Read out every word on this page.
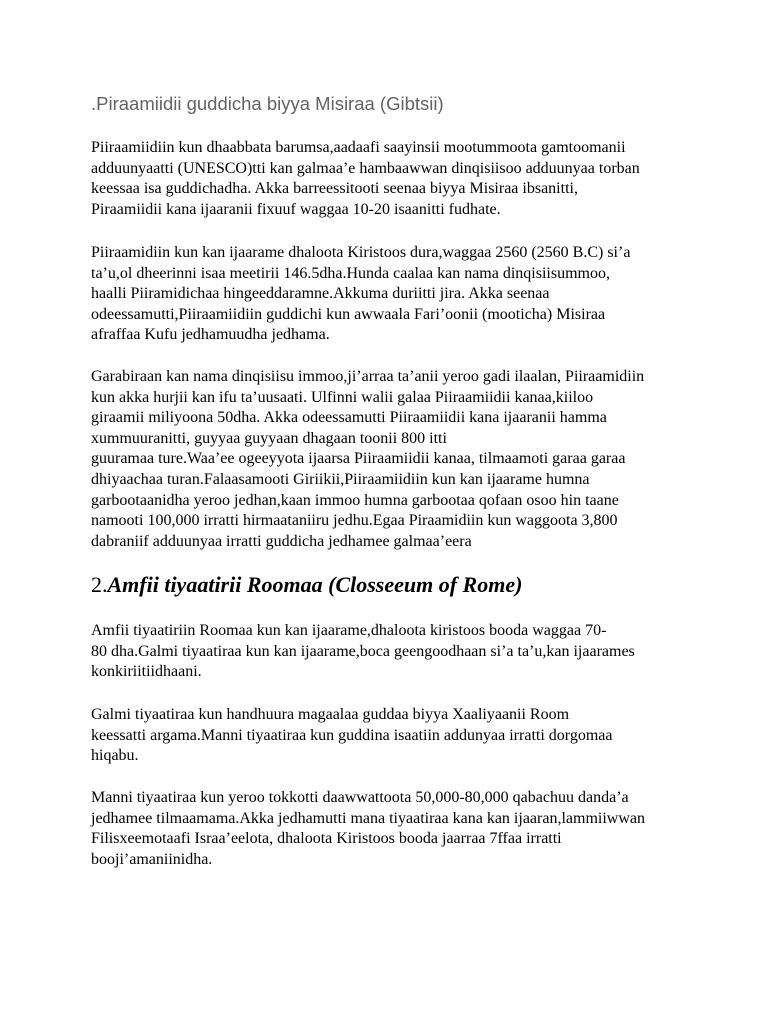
.Piraamiidii guddicha biyya Misiraa (Gibtsii)
Piiraamiidiin kun dhaabbata barumsa,aadaafi saayinsii mootummoota gamtoomanii
adduunyaatti (UNESCO)tti kan galmaa’e hambaawwan dinqisiisoo adduunyaa torban
keessaa isa guddichadha. Akka barreessitooti seenaa biyya Misiraa ibsanitti,
Piraamiidii kana ijaaranii fixuuf waggaa 10-20 isaanitti fudhate.
Piiraamidiin kun kan ijaarame dhaloota Kiristoos dura,waggaa 2560 (2560 B.C) si’a
ta’u,ol dheerinni isaa meetirii 146.5dha.Hunda caalaa kan nama dinqisiisummoo,
haalli Piiramidichaa hingeeddaramne.Akkuma duriitti jira. Akka seenaa
odeessamutti,Piiraamiidiin guddichi kun awwaala Fari’oonii (mooticha) Misiraa
afraffaa Kufu jedhamuudha jedhama.
Garabiraan kan nama dinqisiisu immoo,ji’arraa ta’anii yeroo gadi ilaalan, Piiraamidiin
kun akka hurjii kan ifu ta’uusaati. Ulfinni walii galaa Piiraamiidii kanaa,kiiloo
giraamii miliyoona 50dha. Akka odeessamutti Piiraamiidii kana ijaaranii hamma
xummuuranitti, guyyaa guyyaan dhagaan toonii 800 itti
guuramaa ture.Waa’ee ogeeyyota ijaarsa Piiraamiidii kanaa, tilmaamoti garaa garaa
dhiyaachaa turan.Falaasamooti Giriikii,Piiraamiidiin kun kan ijaarame humna
garbootaanidha yeroo jedhan,kaan immoo humna garbootaa qofaan osoo hin taane
namooti 100,000 irratti hirmaataniiru jedhu.Egaa Piraamidiin kun waggoota 3,800
dabraniif adduunyaa irratti guddicha jedhamee galmaa’eera
2.Amfii tiyaatirii Roomaa (Closseeum of Rome)
Amfii tiyaatiriin Roomaa kun kan ijaarame,dhaloota kiristoos booda waggaa 70-
80 dha.Galmi tiyaatiraa kun kan ijaarame,boca geengoodhaan si’a ta’u,kan ijaarames
konkiriitiidhaani.
Galmi tiyaatiraa kun handhuura magaalaa guddaa biyya Xaaliyaanii Room
keessatti argama.Manni tiyaatiraa kun guddina isaatiin addunyaa irratti dorgomaa
hiqabu.
Manni tiyaatiraa kun yeroo tokkotti daawwattoota 50,000-80,000 qabachuu danda’a
jedhamee tilmaamama.Akka jedhamutti mana tiyaatiraa kana kan ijaaran,lammiiwwan
Filisxeemotaafi Israa’eelota, dhaloota Kiristoos booda jaarraa 7ffaa irratti
booji’amaniinidha.
